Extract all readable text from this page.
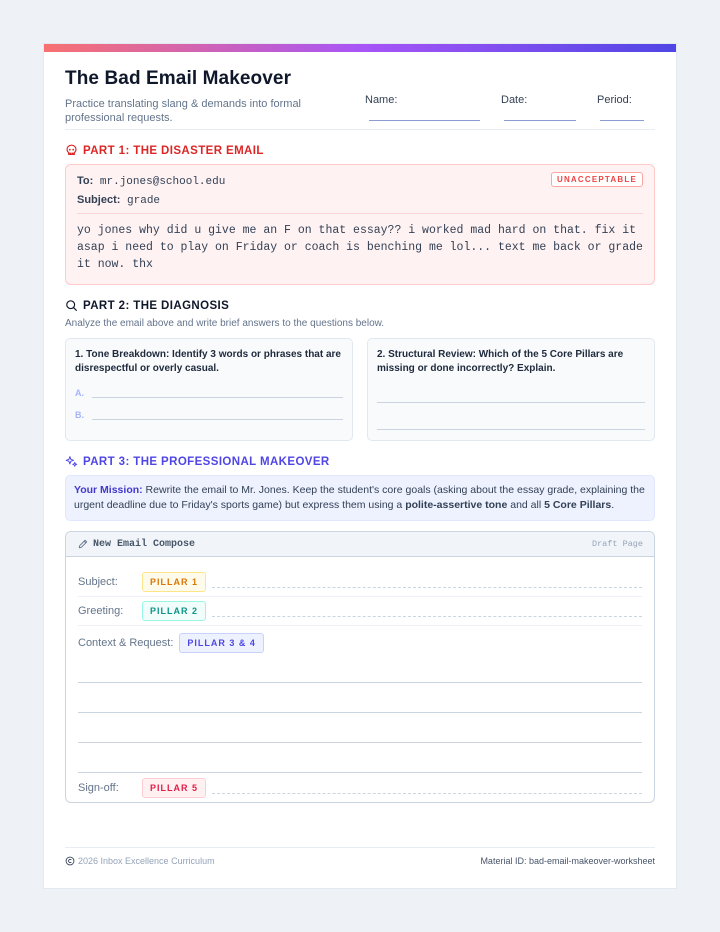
The Bad Email Makeover
Practice translating slang & demands into formal professional requests.
Name:	Date:	Period:
PART 1: THE DISASTER EMAIL
UNACCEPTABLE
To: mr.jones@school.edu
Subject: grade
yo jones why did u give me an F on that essay?? i worked mad hard on that. fix it asap i need to play on Friday or coach is benching me lol... text me back or grade it now. thx
PART 2: THE DIAGNOSIS
Analyze the email above and write brief answers to the questions below.
1. Tone Breakdown: Identify 3 words or phrases that are disrespectful or overly casual.
A.
B.
2. Structural Review: Which of the 5 Core Pillars are missing or done incorrectly? Explain.
PART 3: THE PROFESSIONAL MAKEOVER
Your Mission: Rewrite the email to Mr. Jones. Keep the student's core goals (asking about the essay grade, explaining the urgent deadline due to Friday's sports game) but express them using a polite-assertive tone and all 5 Core Pillars.
New Email Compose	Draft Page
Subject:	PILLAR 1
Greeting:	PILLAR 2
Context & Request:	PILLAR 3 & 4
Sign-off:	PILLAR 5
2026 Inbox Excellence Curriculum	Material ID: bad-email-makeover-worksheet
